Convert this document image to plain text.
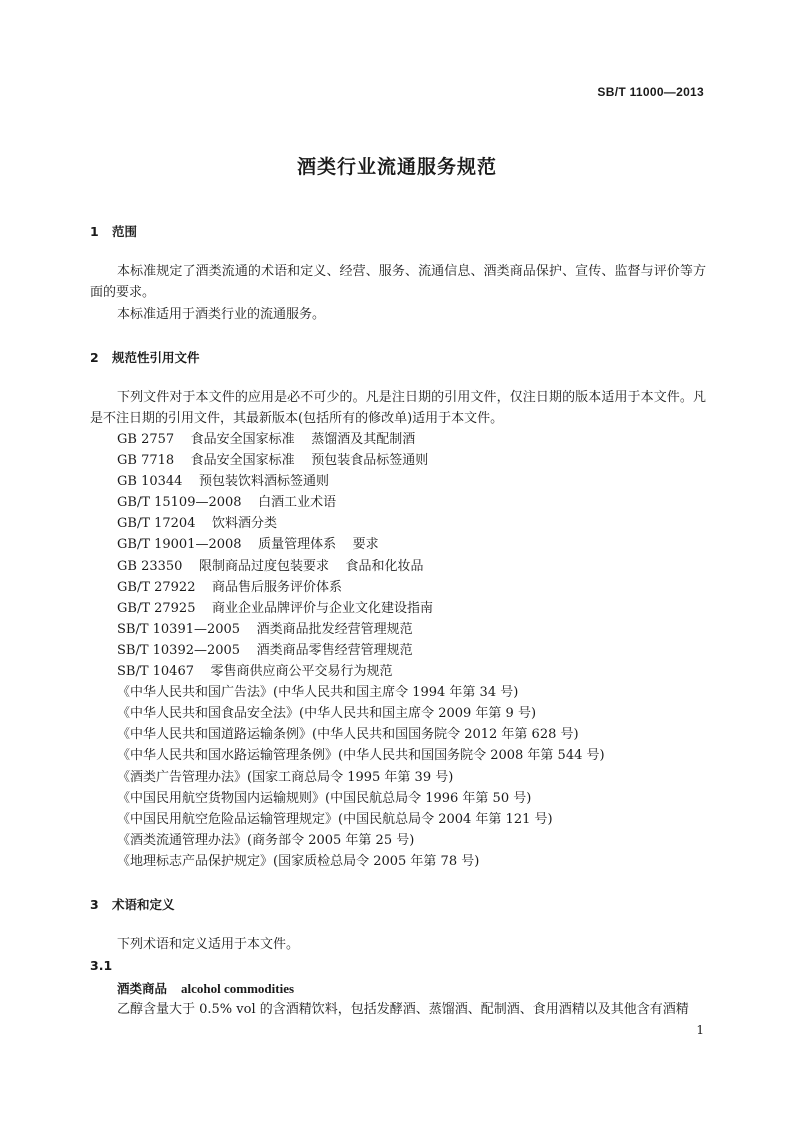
SB/T 11000—2013
酒类行业流通服务规范
1 范围

本标准规定了酒类流通的术语和定义、经营、服务、流通信息、酒类商品保护、宣传、监督与评价等方面的要求。

本标准适用于酒类行业的流通服务。
2 规范性引用文件

下列文件对于本文件的应用是必不可少的。凡是注日期的引用文件，仅注日期的版本适用于本文件。凡是不注日期的引用文件，其最新版本(包括所有的修改单)适用于本文件。

GB 2757    食品安全国家标准    蒸馏酒及其配制酒
GB 7718    食品安全国家标准    预包装食品标签通则
GB 10344    预包装饮料酒标签通则
GB/T 15109—2008    白酒工业术语
GB/T 17204    饮料酒分类
GB/T 19001—2008    质量管理体系    要求
GB 23350    限制商品过度包装要求    食品和化妆品
GB/T 27922    商品售后服务评价体系
GB/T 27925    商业企业品牌评价与企业文化建设指南
SB/T 10391—2005    酒类商品批发经营管理规范
SB/T 10392—2005    酒类商品零售经营管理规范
SB/T 10467    零售商供应商公平交易行为规范
《中华人民共和国广告法》(中华人民共和国主席令 1994 年第 34 号)
《中华人民共和国食品安全法》(中华人民共和国主席令 2009 年第 9 号)
《中华人民共和国道路运输条例》(中华人民共和国国务院令 2012 年第 628 号)
《中华人民共和国水路运输管理条例》(中华人民共和国国务院令 2008 年第 544 号)
《酒类广告管理办法》(国家工商总局令 1995 年第 39 号)
《中国民用航空货物国内运输规则》(中国民航总局令 1996 年第 50 号)
《中国民用航空危险品运输管理规定》(中国民航总局令 2004 年第 121 号)
《酒类流通管理办法》(商务部令 2005 年第 25 号)
《地理标志产品保护规定》(国家质检总局令 2005 年第 78 号)
3 术语和定义
下列术语和定义适用于本文件。
3.1
酒类商品 alcohol commodities
乙醇含量大于 0.5% vol 的含酒精饮料，包括发酵酒、蒸馏酒、配制酒、食用酒精以及其他含有酒精
1
